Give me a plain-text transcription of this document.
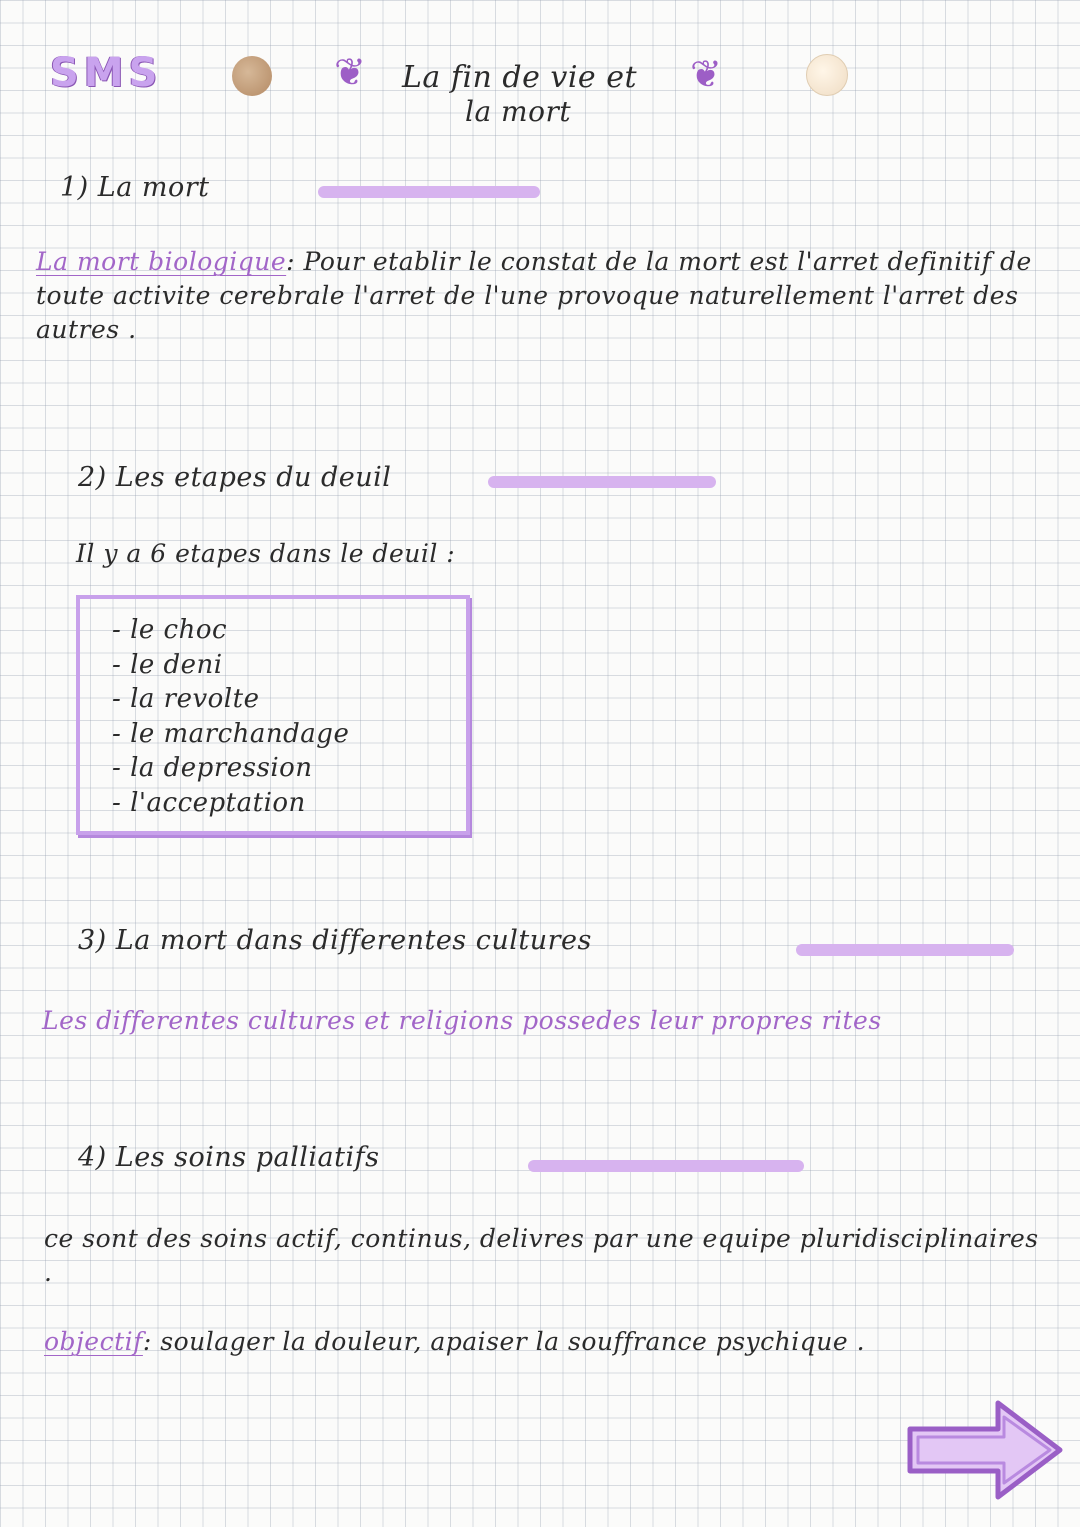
SMS	❦ La fin de vie et
la mort
❦
1) La mort
La mort biologique: Pour etablir le constat de la mort est l'arret definitif de toute activite cerebrale l'arret de l'une provoque naturellement l'arret des autres .
2) Les etapes du deuil
Il y a 6 etapes dans le deuil :
- le choc
- le deni
- la revolte
- le marchandage
- la depression
- l'acceptation
3) La mort dans differentes cultures
Les differentes cultures et religions possedes leur propres rites
4) Les soins palliatifs
ce sont des soins actif, continus, delivres par une equipe pluridisciplinaires .
objectif: soulager la douleur, apaiser la souffrance psychique .
